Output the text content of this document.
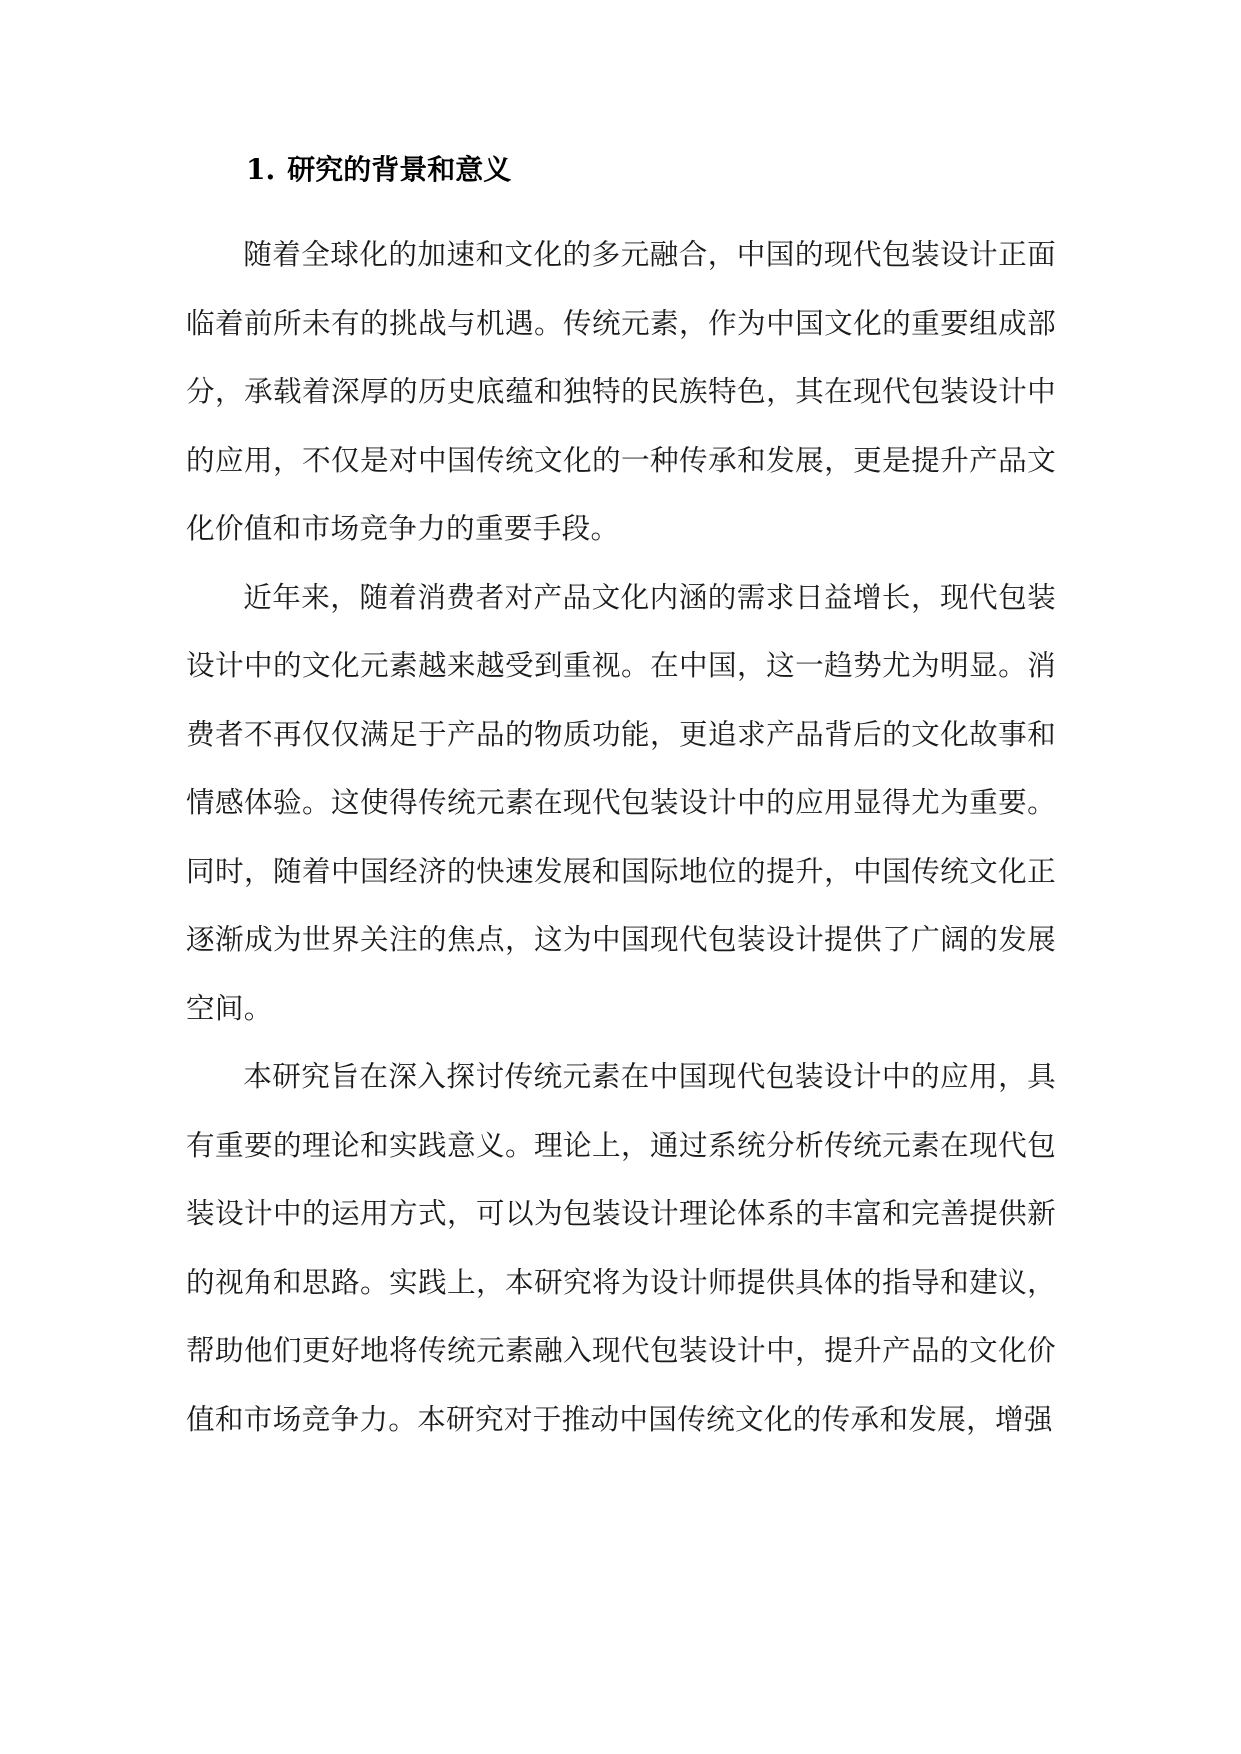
1. 研究的背景和意义

随着全球化的加速和文化的多元融合，中国的现代包装设计正面临着前所未有的挑战与机遇。传统元素，作为中国文化的重要组成部分，承载着深厚的历史底蕴和独特的民族特色，其在现代包装设计中的应用，不仅是对中国传统文化的一种传承和发展，更是提升产品文化价值和市场竞争力的重要手段。

近年来，随着消费者对产品文化内涵的需求日益增长，现代包装设计中的文化元素越来越受到重视。在中国，这一趋势尤为明显。消费者不再仅仅满足于产品的物质功能，更追求产品背后的文化故事和情感体验。这使得传统元素在现代包装设计中的应用显得尤为重要。同时，随着中国经济的快速发展和国际地位的提升，中国传统文化正逐渐成为世界关注的焦点，这为中国现代包装设计提供了广阔的发展空间。

本研究旨在深入探讨传统元素在中国现代包装设计中的应用，具有重要的理论和实践意义。理论上，通过系统分析传统元素在现代包装设计中的运用方式，可以为包装设计理论体系的丰富和完善提供新的视角和思路。实践上，本研究将为设计师提供具体的指导和建议，帮助他们更好地将传统元素融入现代包装设计中，提升产品的文化价值和市场竞争力。本研究对于推动中国传统文化的传承和发展，增强
